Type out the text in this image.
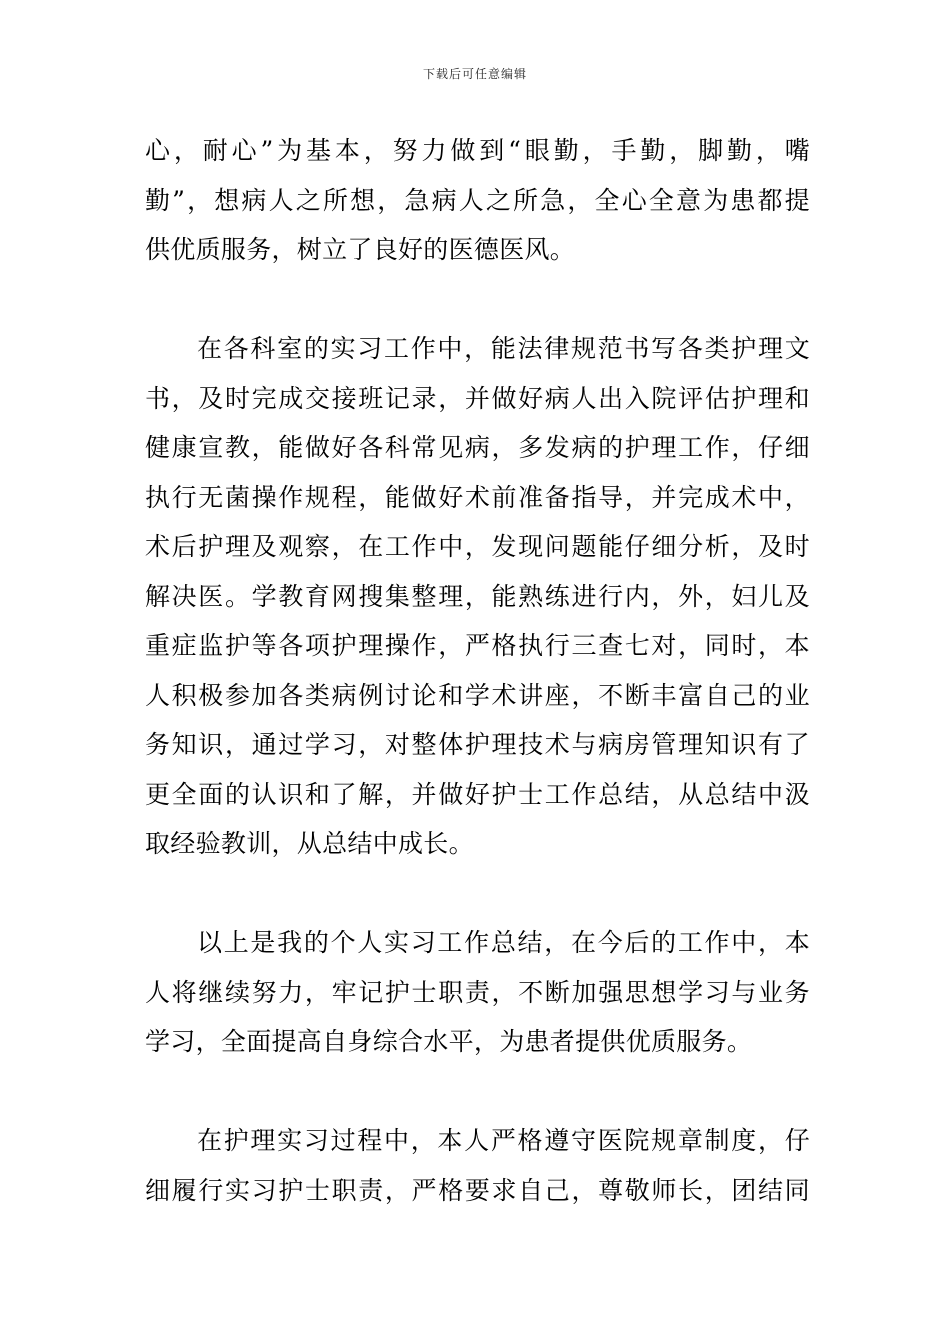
下载后可任意编辑
心，耐心”为基本，努力做到“眼勤，手勤，脚勤，嘴
勤”，想病人之所想，急病人之所急，全心全意为患都提
供优质服务，树立了良好的医德医风。
在各科室的实习工作中，能法律规范书写各类护理文
书，及时完成交接班记录，并做好病人出入院评估护理和
健康宣教，能做好各科常见病，多发病的护理工作，仔细
执行无菌操作规程，能做好术前准备指导，并完成术中，
术后护理及观察，在工作中，发现问题能仔细分析，及时
解决医。学教育网搜集整理，能熟练进行内，外，妇儿及
重症监护等各项护理操作，严格执行三查七对，同时，本
人积极参加各类病例讨论和学术讲座，不断丰富自己的业
务知识，通过学习，对整体护理技术与病房管理知识有了
更全面的认识和了解，并做好护士工作总结，从总结中汲
取经验教训，从总结中成长。
以上是我的个人实习工作总结，在今后的工作中，本
人将继续努力，牢记护士职责，不断加强思想学习与业务
学习，全面提高自身综合水平，为患者提供优质服务。
在护理实习过程中，本人严格遵守医院规章制度，仔
细履行实习护士职责，严格要求自己，尊敬师长，团结同
